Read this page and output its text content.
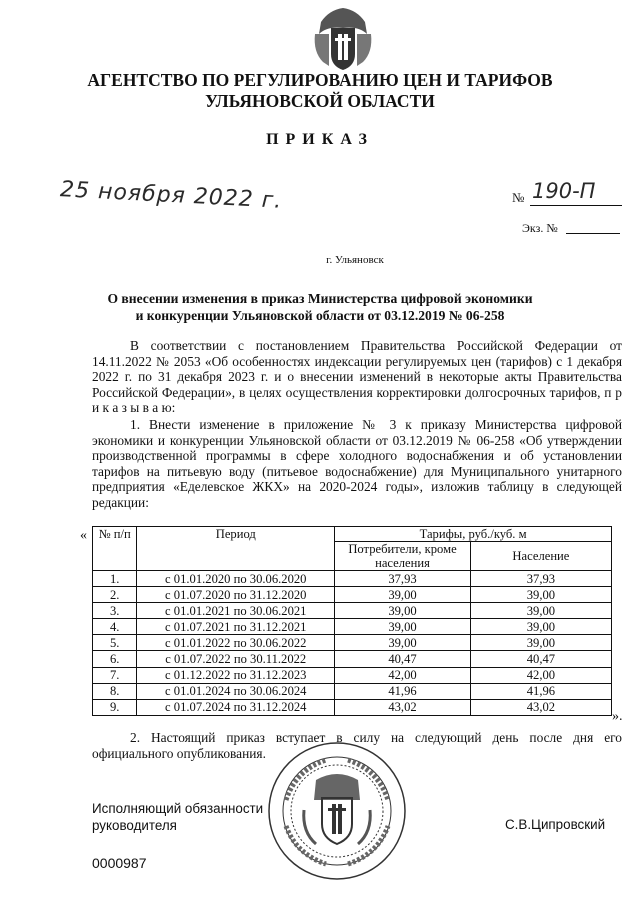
АГЕНТСТВО ПО РЕГУЛИРОВАНИЮ ЦЕН И ТАРИФОВ
УЛЬЯНОВСКОЙ ОБЛАСТИ
ПРИКАЗ
25 ноября 2022 г.	№ 190-П
Экз. №
г. Ульяновск
О внесении изменения в приказ Министерства цифровой экономики
и конкуренции Ульяновской области от 03.12.2019 № 06-258
В соответствии с постановлением Правительства Российской Федерации от 14.11.2022 № 2053 «Об особенностях индексации регулируемых цен (тарифов) с 1 декабря 2022 г. по 31 декабря 2023 г. и о внесении изменений в некоторые акты Правительства Российской Федерации», в целях осуществления корректировки долгосрочных тарифов, п р и к а з ы в а ю:
1. Внести изменение в приложение № 3 к приказу Министерства цифровой экономики и конкуренции Ульяновской области от 03.12.2019 № 06-258 «Об утверждении производственной программы в сфере холодного водоснабжения и об установлении тарифов на питьевую воду (питьевое водоснабжение) для Муниципального унитарного предприятия «Еделевское ЖКХ» на 2020-2024 годы», изложив таблицу в следующей редакции:
« № п/п	Период	Тарифы, руб./куб. м	
		Потребители, кроме населения	Население
1.	с 01.01.2020 по 30.06.2020	37,93	37,93
2.	с 01.07.2020 по 31.12.2020	39,00	39,00
3.	с 01.01.2021 по 30.06.2021	39,00	39,00
4.	с 01.07.2021 по 31.12.2021	39,00	39,00
5.	с 01.01.2022 по 30.06.2022	39,00	39,00
6.	с 01.07.2022 по 30.11.2022	40,47	40,47
7.	с 01.12.2022 по 31.12.2023	42,00	42,00
8.	с 01.01.2024 по 30.06.2024	41,96	41,96
9.	с 01.07.2024 по 31.12.2024	43,02	43,02
».
2. Настоящий приказ вступает в силу на следующий день после дня его официального опубликования.
Исполняющий обязанности
руководителя	С.В.Ципровский
0000987
